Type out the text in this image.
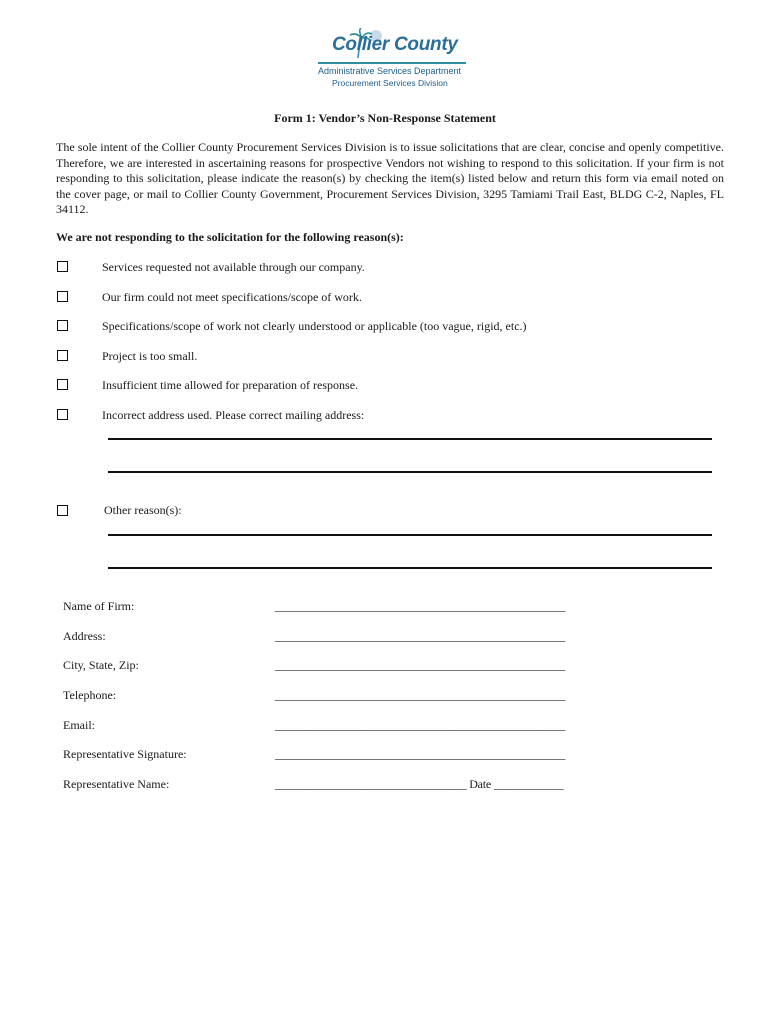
Collier County
Administrative Services Department
Procurement Services Division
Form 1: Vendor’s Non-Response Statement

The sole intent of the Collier County Procurement Services Division is to issue solicitations that are clear, concise and openly competitive. Therefore, we are interested in ascertaining reasons for prospective Vendors not wishing to respond to this solicitation. If your firm is not responding to this solicitation, please indicate the reason(s) by checking the item(s) listed below and return this form via email noted on the cover page, or mail to Collier County Government, Procurement Services Division, 3295 Tamiami Trail East, BLDG C-2, Naples, FL 34112.

We are not responding to the solicitation for the following reason(s):
Services requested not available through our company.
Our firm could not meet specifications/scope of work.
Specifications/scope of work not clearly understood or applicable (too vague, rigid, etc.)
Project is too small.
Insufficient time allowed for preparation of response.
Incorrect address used. Please correct mailing address:
Other reason(s):
Name of Firm:	__________________________________________________
Address:	__________________________________________________
City, State, Zip:	__________________________________________________
Telephone:	__________________________________________________
Email:	__________________________________________________
Representative Signature:	__________________________________________________
Representative Name:	_________________________________ Date ____________
